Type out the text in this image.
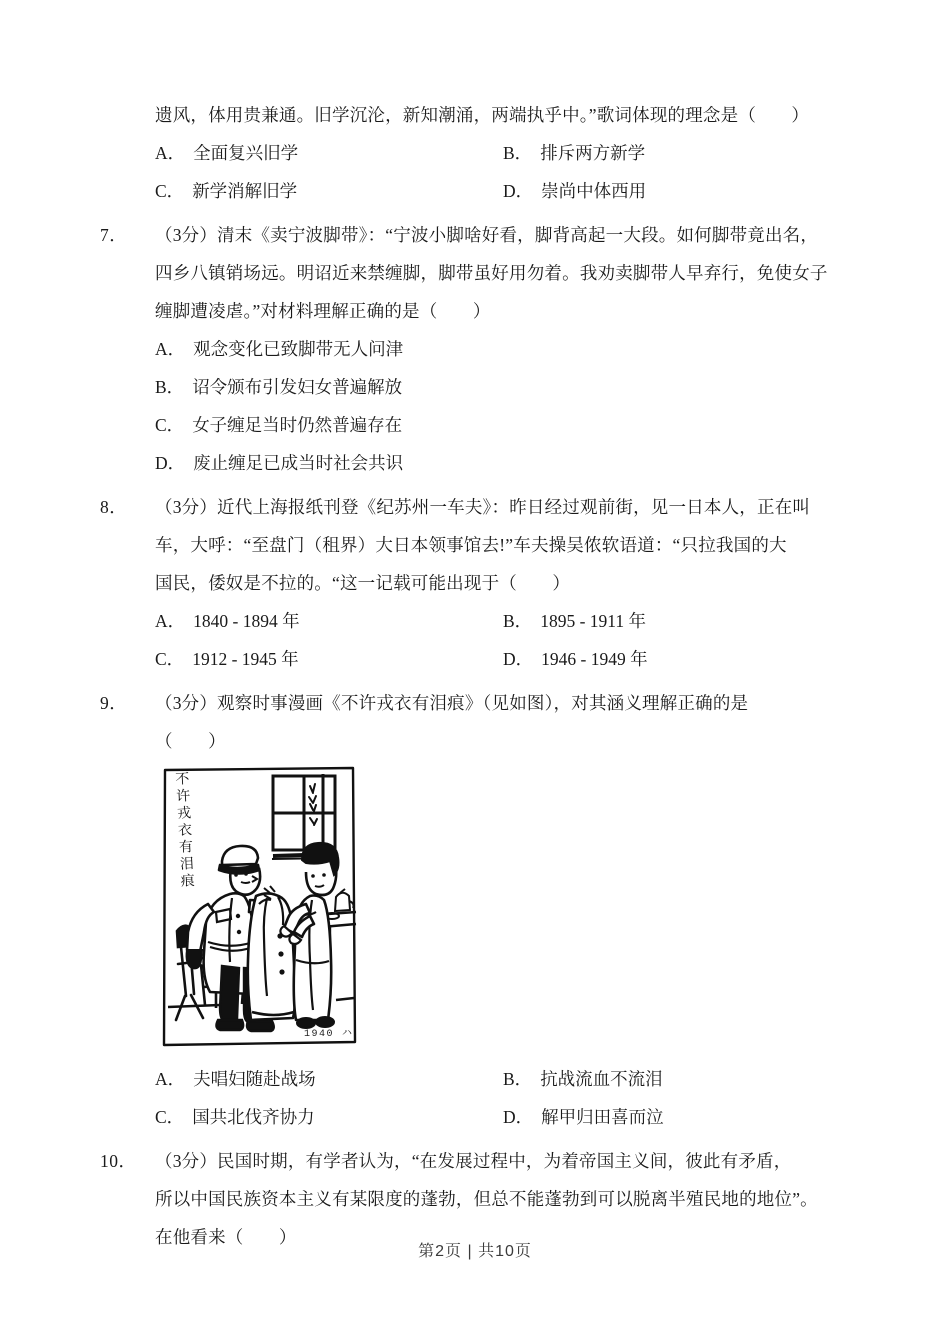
遗风，体用贵兼通。旧学沉沦，新知潮涌，两端执乎中。”歌词体现的理念是（　　）
A． 全面复兴旧学	B． 排斥两方新学
C． 新学消解旧学	D． 崇尚中体西用
7．	（3分）清末《卖宁波脚带》：“宁波小脚啥好看，脚背高起一大段。如何脚带竟出名，
四乡八镇销场远。明诏近来禁缠脚，脚带虽好用勿着。我劝卖脚带人早弃行，免使女子
缠脚遭凌虐。”对材料理解正确的是（　　）
A． 观念变化已致脚带无人问津
B． 诏令颁布引发妇女普遍解放
C． 女子缠足当时仍然普遍存在
D． 废止缠足已成当时社会共识
8．	（3分）近代上海报纸刊登《纪苏州一车夫》：昨日经过观前街，见一日本人，正在叫
车，大呼：“至盘门（租界）大日本领事馆去!”车夫操吴侬软语道：“只拉我国的大
国民，倭奴是不拉的。“这一记载可能出现于（　　）
A． 1840 - 1894 年	B． 1895 - 1911 年
C． 1912 - 1945 年	D． 1946 - 1949 年
9．	（3分）观察时事漫画《不许戎衣有泪痕》（见如图），对其涵义理解正确的是
（　　）
不许戎衣有泪痕
1940 ハ
A． 夫唱妇随赴战场	B． 抗战流血不流泪
C． 国共北伐齐协力	D． 解甲归田喜而泣
10．	（3分）民国时期，有学者认为，“在发展过程中，为着帝国主义间，彼此有矛盾，
所以中国民族资本主义有某限度的蓬勃，但总不能蓬勃到可以脱离半殖民地的地位”。
在他看来（　　）
第2页 | 共10页
